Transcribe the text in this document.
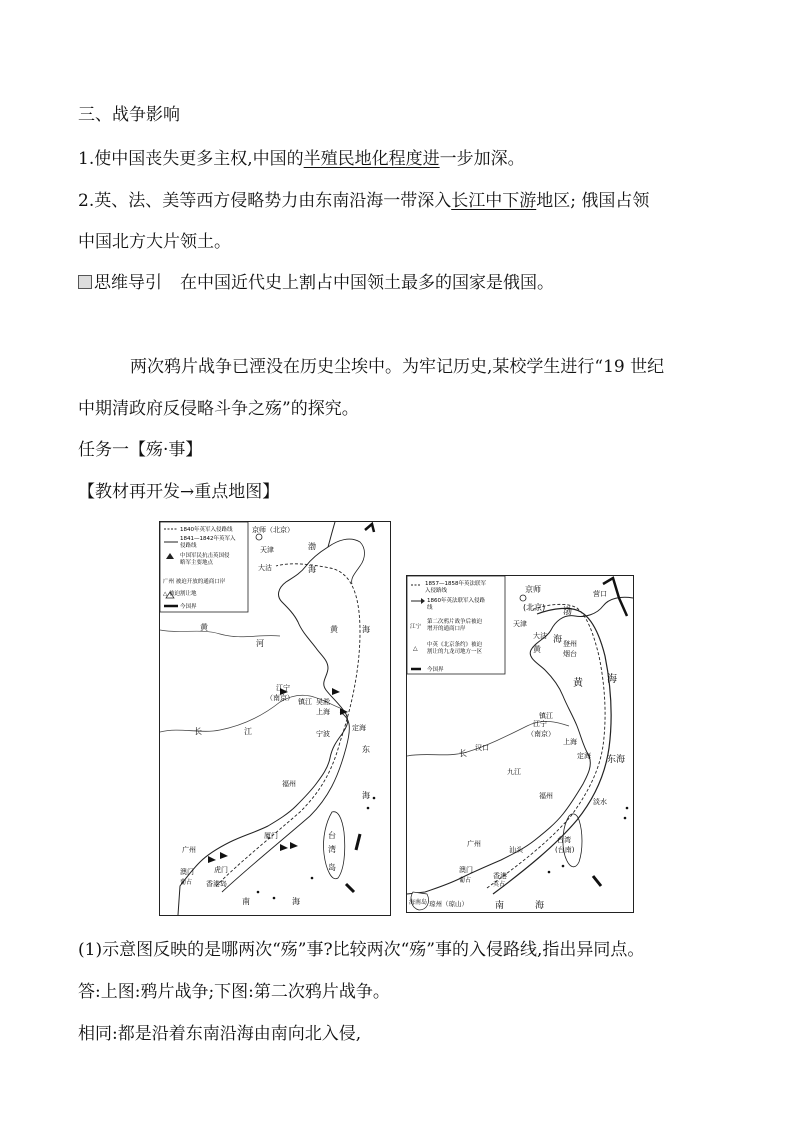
三、战争影响
1.使中国丧失更多主权,中国的半殖民地化程度进一步加深。
2.英、法、美等西方侵略势力由东南沿海一带深入长江中下游地区; 俄国占领
中国北方大片领土。
思维导引 在中国近代史上割占中国领土最多的国家是俄国。
两次鸦片战争已湮没在历史尘埃中。为牢记历史,某校学生进行“19 世纪
中期清政府反侵略斗争之殇”的探究。
任务一【殇·事】
【教材再开发→重点地图】
1840年英军入侵路线
1841—1842年英军入
侵路线
中国军民抗击英国侵
略军主要地点
广州 被迫开放的通商口岸
△ 被迫割让地
今国界
京师（北京）
天津
大沽
渤
海
黄
河
黄	海
江宁
（南京） 镇江 吴淞
上海
宁波
定海
长	江
东
海
福州
厦门
广州
虎门
澳门
葡占 香港岛
台
湾
岛
南	海
1857—1858年英法联军
入侵路线
1860年英法联军入侵路
线
第二次鸦片战争后被迫
增开的通商口岸
江宁
中英《北京条约》被迫
割让的九龙司地方一区
△
今国界
京师
(北京)
天津
大沽
渤
海 登州
烟台
营口
黄
黄 海
镇江
江宁
（南京）
上海
定海
长
汉口
九江
东海
福州
淡水
汕头
广州
澳门
葡占
香港
英占
台湾
(台南)
海南岛 琼州（琼山）	南	海
(1)示意图反映的是哪两次“殇”事?比较两次“殇”事的入侵路线,指出异同点。
答:上图:鸦片战争;下图:第二次鸦片战争。
相同:都是沿着东南沿海由南向北入侵,
